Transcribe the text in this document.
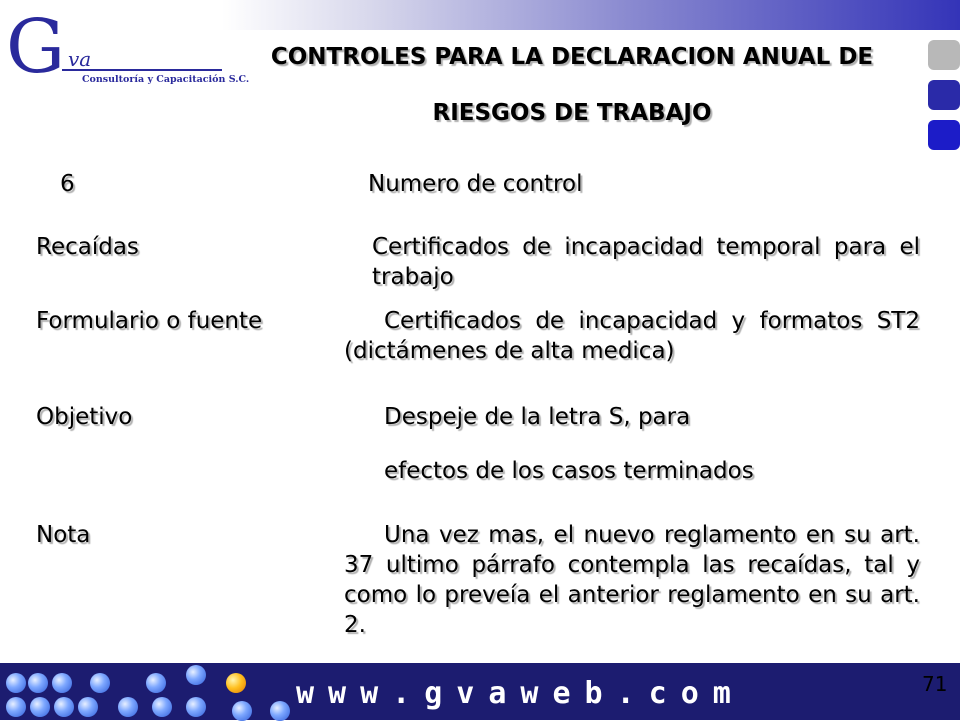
G va
Consultoría y Capacitación S.C.
CONTROLES PARA LA DECLARACION ANUAL DE
RIESGOS DE TRABAJO
6	Numero de control
Recaídas	Certificados de incapacidad temporal para el trabajo
Formulario o fuente	Certificados de incapacidad y formatos ST2 (dictámenes de alta medica)
Objetivo	Despeje de la letra S, para
efectos de los casos terminados
Nota	Una vez mas, el nuevo reglamento en su art. 37 ultimo párrafo contempla las recaídas, tal y como lo preveía el anterior reglamento en su art. 2.
www.gvaweb.com	71
